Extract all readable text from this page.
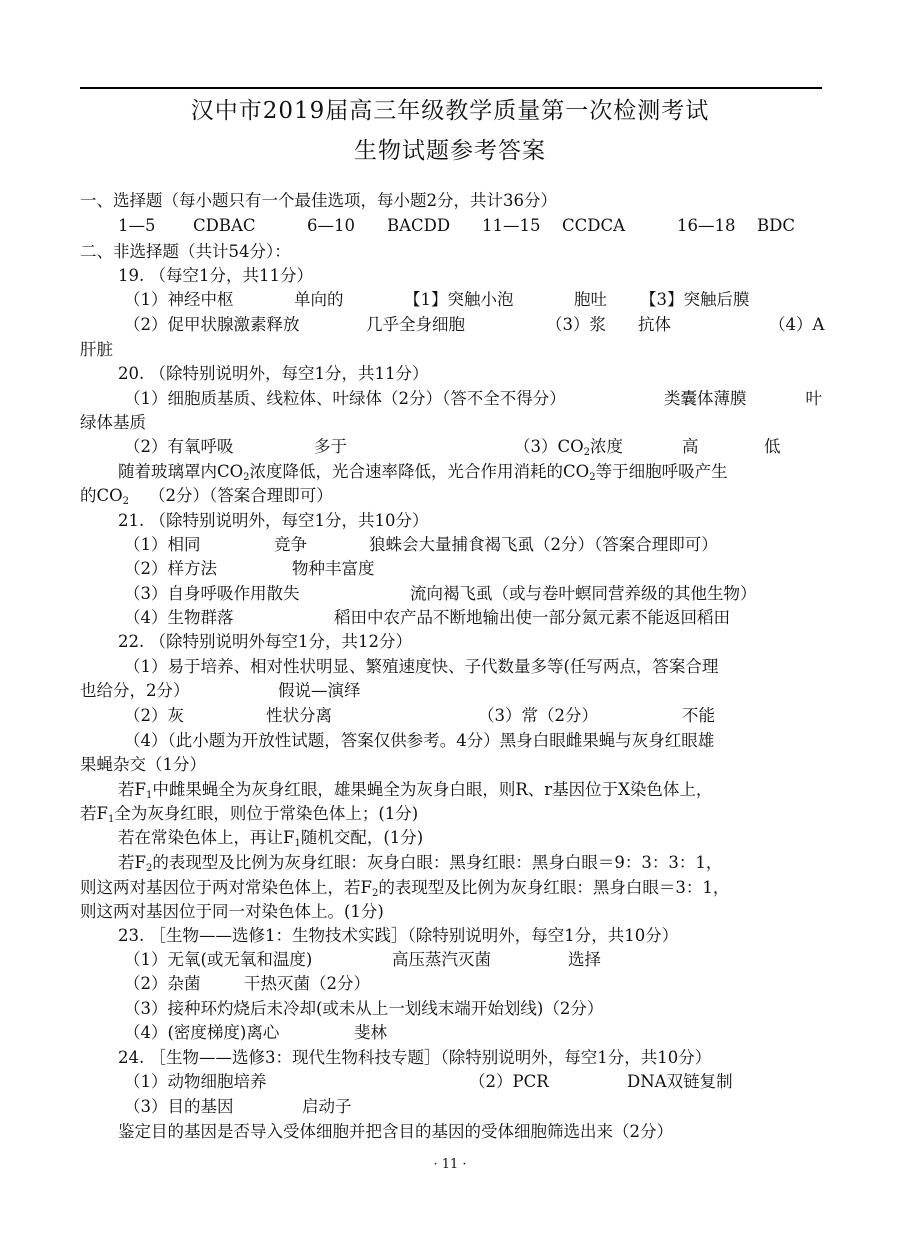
汉中市2019届高三年级教学质量第一次检测考试
生物试题参考答案
一、选择题（每小题只有一个最佳选项，每小题2分，共计36分）
1—5 CDBAC	6—10 BACDD 11—15 CCDCA	16—18 BDC
二、非选择题（共计54分）：
19. （每空1分，共11分）
（1）神经中枢	单向的	【1】突触小泡	胞吐 【3】突触后膜
（2）促甲状腺激素释放	几乎全身细胞	（3）浆 抗体	（4）A
肝脏
20. （除特别说明外，每空1分，共11分）
（1）细胞质基质、线粒体、叶绿体（2分）（答不全不得分）	类囊体薄膜	叶
绿体基质
（2）有氧呼吸	多于	$(3)CO_2$浓度	高	低
随着玻璃罩内$CO_2$浓度降低，光合速率降低，光合作用消耗的$CO_2$等于细胞呼吸产生
的$CO_2$ （2分）（答案合理即可）
21. （除特别说明外，每空1分，共10分）
（1）相同	竞争	狼蛛会大量捕食褐飞虱（2分）（答案合理即可）
（2）样方法	物种丰富度
（3）自身呼吸作用散失	流向褐飞虱（或与卷叶螟同营养级的其他生物）
（4）生物群落	稻田中农产品不断地输出使一部分氮元素不能返回稻田
22. （除特别说明外每空1分，共12分）
（1）易于培养、相对性状明显、繁殖速度快、子代数量多等(任写两点，答案合理
也给分，2分）	假说—演绎
（2）灰	性状分离	（3）常（2分）	不能
（4）（此小题为开放性试题，答案仅供参考。4分）黑身白眼雌果蝇与灰身红眼雄
果蝇杂交（1分）
若$F_1$中雌果蝇全为灰身红眼，雄果蝇全为灰身白眼，则R、r基因位于X染色体上，
若$F_1$全为灰身红眼，则位于常染色体上；(1分)
若在常染色体上，再让$F_1$随机交配，(1分)
若$F_2$的表现型及比例为灰身红眼：灰身白眼：黑身红眼：黑身白眼＝9：3：3：1，
则这两对基因位于两对常染色体上，若$F_2$的表现型及比例为灰身红眼：黑身白眼＝3：1，
则这两对基因位于同一对染色体上。(1分)
23. ［生物——选修1：生物技术实践］（除特别说明外，每空1分，共10分）
（1）无氧(或无氧和温度)	高压蒸汽灭菌	选择
（2）杂菌	干热灭菌（2分）
（3）接种环灼烧后未冷却(或未从上一划线末端开始划线)（2分）
（4）(密度梯度)离心	斐林
24. ［生物——选修3：现代生物科技专题］（除特别说明外，每空1分，共10分）
（1）动物细胞培养	（2）PCR	DNA双链复制
（3）目的基因	启动子
鉴定目的基因是否导入受体细胞并把含目的基因的受体细胞筛选出来（2分）
· 11 ·
